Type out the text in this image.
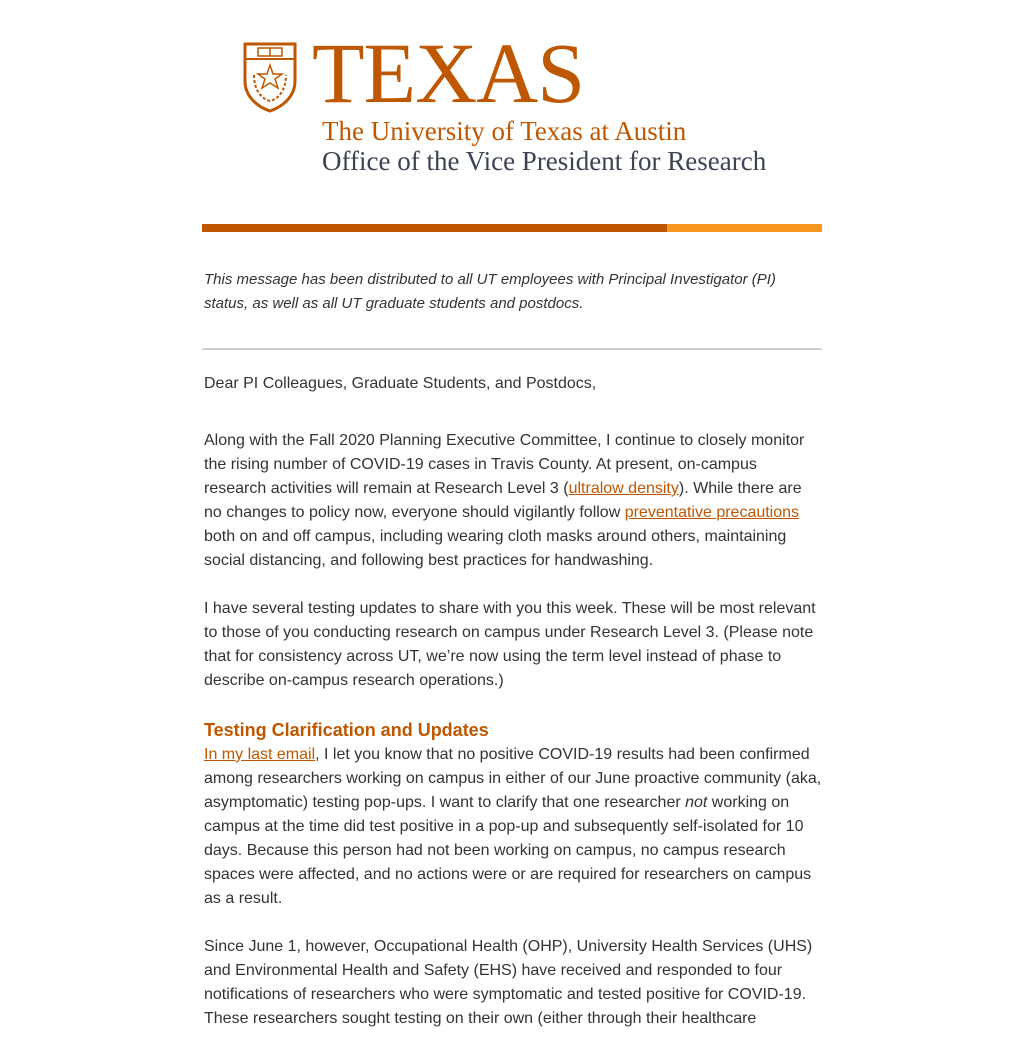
TEXAS
The University of Texas at Austin
Office of the Vice President for Research
This message has been distributed to all UT employees with Principal Investigator (PI) status, as well as all UT graduate students and postdocs.

Dear PI Colleagues, Graduate Students, and Postdocs,

Along with the Fall 2020 Planning Executive Committee, I continue to closely monitor the rising number of COVID-19 cases in Travis County. At present, on-campus research activities will remain at Research Level 3 (ultralow density). While there are no changes to policy now, everyone should vigilantly follow preventative precautions both on and off campus, including wearing cloth masks around others, maintaining social distancing, and following best practices for handwashing.

I have several testing updates to share with you this week. These will be most relevant to those of you conducting research on campus under Research Level 3. (Please note that for consistency across UT, we’re now using the term level instead of phase to describe on-campus research operations.)

Testing Clarification and Updates

In my last email, I let you know that no positive COVID-19 results had been confirmed among researchers working on campus in either of our June proactive community (aka, asymptomatic) testing pop-ups. I want to clarify that one researcher not working on campus at the time did test positive in a pop-up and subsequently self-isolated for 10 days. Because this person had not been working on campus, no campus research spaces were affected, and no actions were or are required for researchers on campus as a result.

Since June 1, however, Occupational Health (OHP), University Health Services (UHS) and Environmental Health and Safety (EHS) have received and responded to four notifications of researchers who were symptomatic and tested positive for COVID-19. These researchers sought testing on their own (either through their healthcare
